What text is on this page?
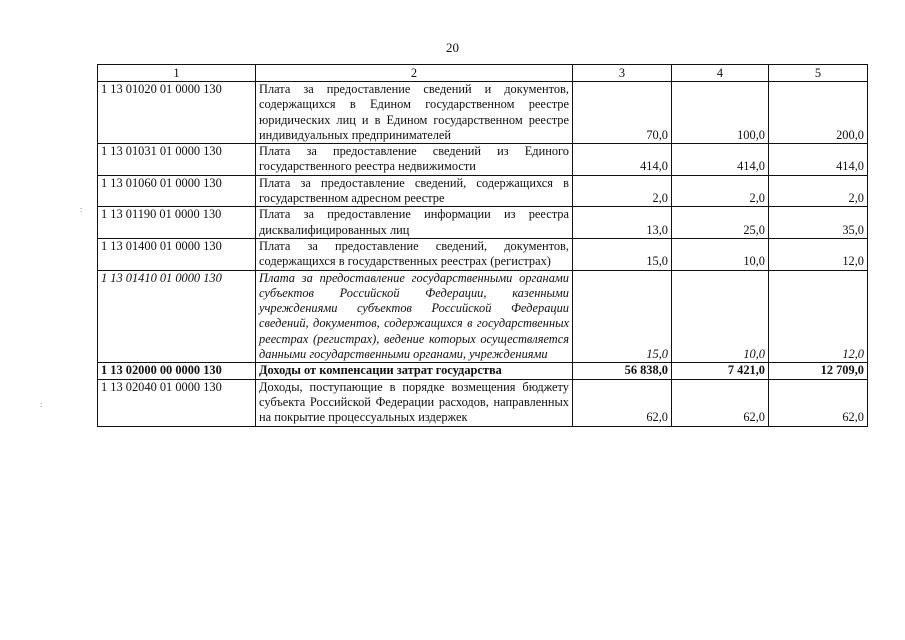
20
:
:
1	2	3	4	5
1 13 01020 01 0000 130	Плата за предоставление сведений и документов, содержащихся в Едином государственном реестре юридических лиц и в Едином государственном реестре индивидуальных предпринимателей	70,0	100,0	200,0
1 13 01031 01 0000 130	Плата за предоставление сведений из Единого государственного реестра недвижимости	414,0	414,0	414,0
1 13 01060 01 0000 130	Плата за предоставление сведений, содержащихся в государственном адресном реестре	2,0	2,0	2,0
1 13 01190 01 0000 130	Плата за предоставление информации из реестра дисквалифицированных лиц	13,0	25,0	35,0
1 13 01400 01 0000 130	Плата за предоставление сведений, документов, содержащихся в государственных реестрах (регистрах)	15,0	10,0	12,0
1 13 01410 01 0000 130	Плата за предоставление государственными органами субъектов Российской Федерации, казенными учреждениями субъектов Российской Федерации сведений, документов, содержащихся в государственных реестрах (регистрах), ведение которых осуществляется данными государственными органами, учреждениями	15,0	10,0	12,0
1 13 02000 00 0000 130	Доходы от компенсации затрат государства	56 838,0	7 421,0	12 709,0
1 13 02040 01 0000 130	Доходы, поступающие в порядке возмещения бюджету субъекта Российской Федерации расходов, направленных на покрытие процессуальных издержек	62,0	62,0	62,0
